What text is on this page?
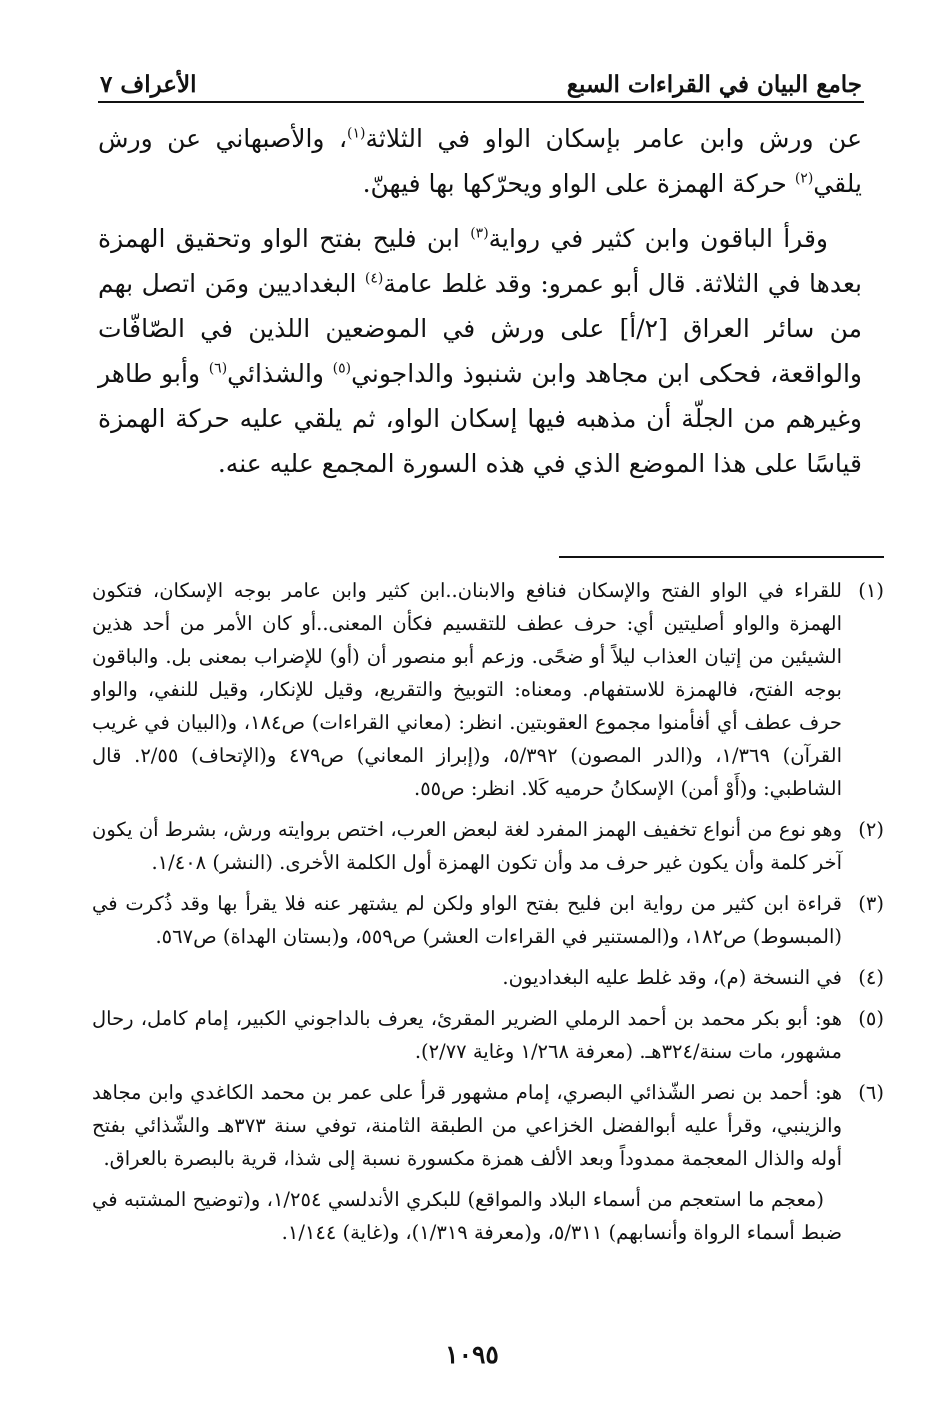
جامع البيان في القراءات السبع
الأعراف ٧

عن ورش وابن عامر بإسكان الواو في الثلاثة$^{(١)}$، والأصبهاني عن ورش يلقي$^{(٢)}$ حركة الهمزة على الواو ويحرّكها بها فيهنّ.

وقرأ الباقون وابن كثير في رواية$^{(٣)}$ ابن فليح بفتح الواو وتحقيق الهمزة بعدها في الثلاثة. قال أبو عمرو: وقد غلط عامة$^{(٤)}$ البغداديين ومَن اتصل بهم من سائر العراق [٢/أ] على ورش في الموضعين اللذين في الصّافّات والواقعة، فحكى ابن مجاهد وابن شنبوذ والداجوني$^{(٥)}$ والشذائي$^{(٦)}$ وأبو طاهر وغيرهم من الجلّة أن مذهبه فيها إسكان الواو، ثم يلقي عليه حركة الهمزة قياسًا على هذا الموضع الذي في هذه السورة المجمع عليه عنه.

(١)
للقراء في الواو الفتح والإسكان فنافع والابنان..ابن كثير وابن عامر بوجه الإسكان، فتكون الهمزة والواو أصليتين أي: حرف عطف للتقسيم فكأن المعنى..أو كان الأمر من أحد هذين الشيئين من إتيان العذاب ليلاً أو ضحًى. وزعم أبو منصور أن (أو) للإضراب بمعنى بل. والباقون بوجه الفتح، فالهمزة للاستفهام. ومعناه: التوبيخ والتقريع، وقيل للإنكار، وقيل للنفي، والواو حرف عطف أي أفأمنوا مجموع العقوبتين. انظر: (معاني القراءات) ص١٨٤، و(البيان في غريب القرآن) ١/٣٦٩، و(الدر المصون) ٥/٣٩٢، و(إبراز المعاني) ص٤٧٩ و(الإتحاف) ٢/٥٥. قال الشاطبي: و(أَوْ أمن) الإسكانُ حرميه كَلا. انظر: ص٥٥.
(٢)
وهو نوع من أنواع تخفيف الهمز المفرد لغة لبعض العرب، اختص بروايته ورش، بشرط أن يكون آخر كلمة وأن يكون غير حرف مد وأن تكون الهمزة أول الكلمة الأخرى. (النشر) ١/٤٠٨.
(٣)
قراءة ابن كثير من رواية ابن فليح بفتح الواو ولكن لم يشتهر عنه فلا يقرأ بها وقد ذُكرت في (المبسوط) ص١٨٢، و(المستنير في القراءات العشر) ص٥٥٩، و(بستان الهداة) ص٥٦٧.
(٤)
في النسخة (م)، وقد غلط عليه البغداديون.
(٥)
هو: أبو بكر محمد بن أحمد الرملي الضرير المقرئ، يعرف بالداجوني الكبير، إمام كامل، رحال مشهور، مات سنة/٣٢٤هـ. (معرفة ١/٢٦٨ وغاية ٢/٧٧).
(٦)
هو: أحمد بن نصر الشّذائي البصري، إمام مشهور قرأ على عمر بن محمد الكاغدي وابن مجاهد والزينبي، وقرأ عليه أبوالفضل الخزاعي من الطبقة الثامنة، توفي سنة ٣٧٣هـ والشّذائي بفتح أوله والذال المعجمة ممدوداً وبعد الألف همزة مكسورة نسبة إلى شذا، قرية بالبصرة بالعراق.
(معجم ما استعجم من أسماء البلاد والمواقع) للبكري الأندلسي ١/٢٥٤، و(توضيح المشتبه في ضبط أسماء الرواة وأنسابهم) ٥/٣١١، و(معرفة ١/٣١٩)، و(غاية) ١/١٤٤.
١٠٩٥
